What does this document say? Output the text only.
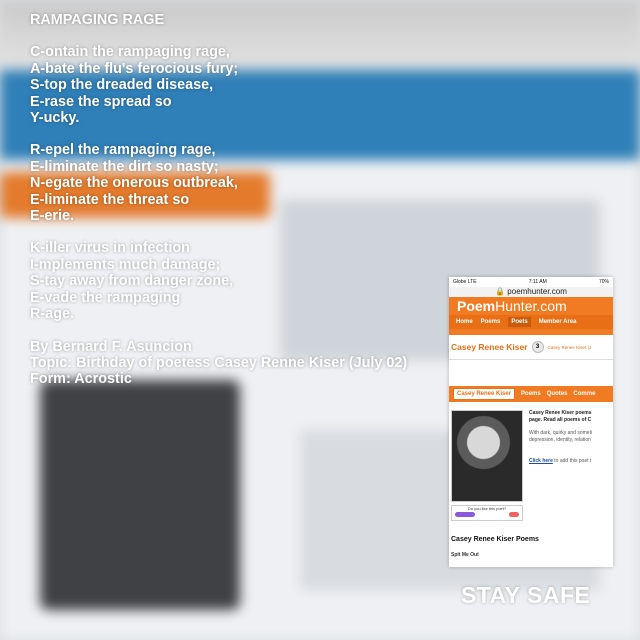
RAMPAGING RAGE
C-ontain the rampaging rage,
A-bate the flu's ferocious fury;
S-top the dreaded disease,
E-rase the spread so
Y-ucky.
R-epel the rampaging rage,
E-liminate the dirt so nasty;
N-egate the onerous outbreak,
E-liminate the threat so
E-erie.
K-iller virus in infection
I-mplements much damage;
S-tay away from danger zone,
E-vade the rampaging
R-age.
By Bernard F. Asuncion
Topic: Birthday of poetess Casey Renne Kiser (July 02)
Form: Acrostic
Globe LTE	7:11 AM	70%
🔒 poemhunter.com
PoemHunter.com
Home Poems	Poets	Member Area
Casey Renee Kiser	3	Casey Renee Kiser (J
Casey Renee Kiser	Poems Quotes Comme
Do you like this poet?
Casey Renee Kiser poems page. Read all poems of C
With dark, quirky and someti depression, identity, relation
Click here to add this poet t
Casey Renee Kiser Poems
Spit Me Out
STAY SAFE
